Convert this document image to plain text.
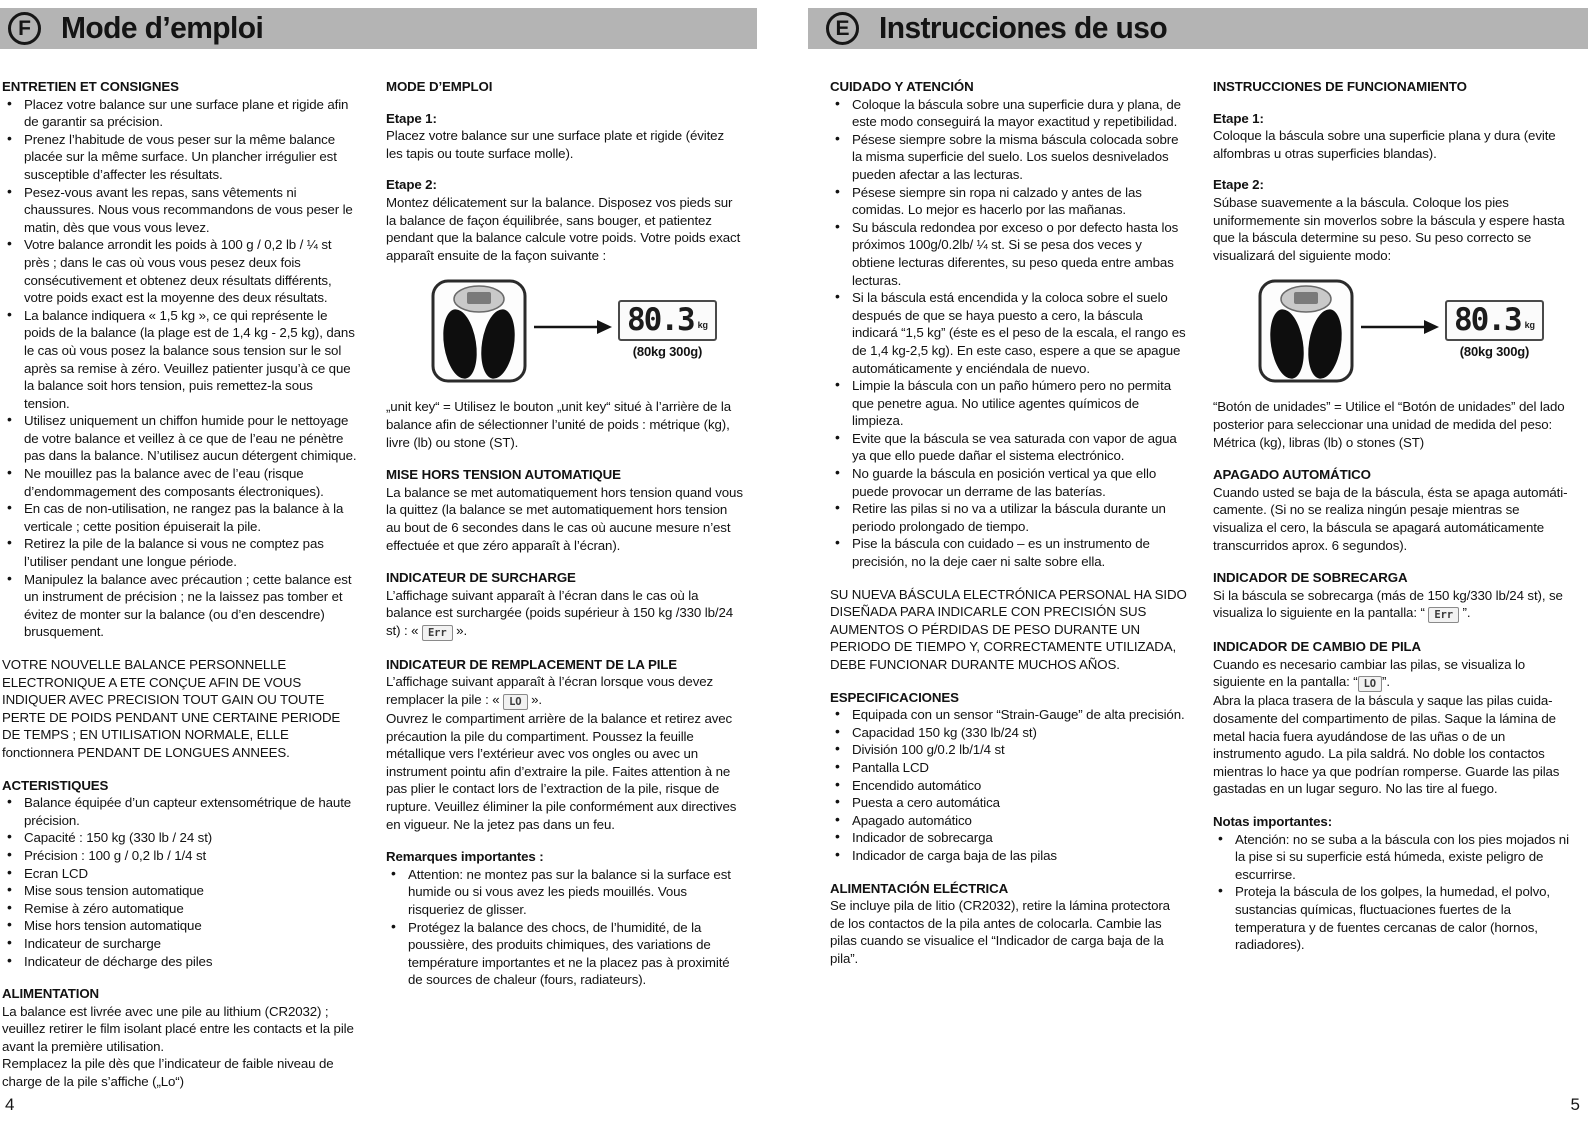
F	Mode d’emploi
ENTRETIEN ET CONSIGNES
• Placez votre balance sur une surface plane et rigide afin de garantir sa précision.
• Prenez l’habitude de vous peser sur la même balance placée sur la même surface. Un plancher irrégulier est susceptible d’affecter les résultats.
• Pesez-vous avant les repas, sans vêtements ni chaussures. Nous vous recommandons de vous peser le matin, dès que vous vous levez.
• Votre balance arrondit les poids à 100 g / 0,2 lb / ¼ st près ; dans le cas où vous vous pesez deux fois consécutivement et obtenez deux résultats différents, votre poids exact est la moyenne des deux résultats.
• La balance indiquera « 1,5 kg », ce qui représente le poids de la balance (la plage est de 1,4 kg - 2,5 kg), dans le cas où vous posez la balance sous tension sur le sol après sa remise à zéro. Veuillez patienter jusqu’à ce que la balance soit hors tension, puis remettez-la sous tension.
• Utilisez uniquement un chiffon humide pour le nettoyage de votre balance et veillez à ce que de l’eau ne pénètre pas dans la balance. N’utilisez aucun détergent chimique.
• Ne mouillez pas la balance avec de l’eau (risque d’endommagement des composants électroniques).
• En cas de non-utilisation, ne rangez pas la balance à la verticale ; cette position épuiserait la pile.
• Retirez la pile de la balance si vous ne comptez pas l’utiliser pendant une longue période.
• Manipulez la balance avec précaution ; cette balance est un instrument de précision ; ne la laissez pas tomber et évitez de monter sur la balance (ou d’en descendre) brusquement.

VOTRE NOUVELLE BALANCE PERSONNELLE ELECTRONIQUE A ETE CONÇUE AFIN DE VOUS INDIQUER AVEC PRECISION TOUT GAIN OU TOUTE PERTE DE POIDS PENDANT UNE CERTAINE PERIODE DE TEMPS ; EN UTILISATION NORMALE, ELLE fonctionnera PENDANT DE LONGUES ANNEES.

ACTERISTIQUES
• Balance équipée d’un capteur extensométrique de haute précision.
• Capacité : 150 kg (330 lb / 24 st)
• Précision : 100 g / 0,2 lb / 1/4 st
• Ecran LCD
• Mise sous tension automatique
• Remise à zéro automatique
• Mise hors tension automatique
• Indicateur de surcharge
• Indicateur de décharge des piles
ALIMENTATION

La balance est livrée avec une pile au lithium (CR2032) ; veuillez retirer le film isolant placé entre les contacts et la pile avant la première utilisation.

Remplacez la pile dès que l’indicateur de faible niveau de charge de la pile s’affiche („Lo“)

MODE D’EMPLOI
Etape 1:

Placez votre balance sur une surface plate et rigide (évitez les tapis ou toute surface molle).

Etape 2:

Montez délicatement sur la balance. Disposez vos pieds sur la balance de façon équilibrée, sans bouger, et patientez pendant que la balance calcule votre poids. Votre poids exact apparaît ensuite de la façon suivante :

80.3 kg
(80kg 300g)

„unit key“ = Utilisez le bouton „unit key“ situé à l’arrière de la balance afin de sélectionner l’unité de poids : métrique (kg), livre (lb) ou stone (ST).

MISE HORS TENSION AUTOMATIQUE

La balance se met automatiquement hors tension quand vous la quittez (la balance se met automatiquement hors tension au bout de 6 secondes dans le cas où aucune mesure n’est effectuée et que zéro apparaît à l’écran).

INDICATEUR DE SURCHARGE

L’affichage suivant apparaît à l’écran dans le cas où la balance est surchargée (poids supérieur à 150 kg /330 lb/24 st) : « Err ».

INDICATEUR DE REMPLACEMENT DE LA PILE

L’affichage suivant apparaît à l’écran lorsque vous devez remplacer la pile : « LO ».

Ouvrez le compartiment arrière de la balance et retirez avec précaution la pile du compartiment. Poussez la feuille métallique vers l’extérieur avec vos ongles ou avec un instrument pointu afin d’extraire la pile. Faites attention à ne pas plier le contact lors de l’extraction de la pile, risque de rupture. Veuillez éliminer la pile conformément aux directives en vigueur. Ne la jetez pas dans un feu.

Remarques importantes :
• Attention: ne montez pas sur la balance si la surface est humide ou si vous avez les pieds mouillés. Vous risqueriez de glisser.
• Protégez la balance des chocs, de l’humidité, de la poussière, des produits chimiques, des variations de température importantes et ne la placez pas à proximité de sources de chaleur (fours, radiateurs).
4
E Instrucciones de uso
CUIDADO Y ATENCIÓN
• Coloque la báscula sobre una superficie dura y plana, de este modo conseguirá la mayor exactitud y repetibilidad.
• Pésese siempre sobre la misma báscula colocada sobre la misma superficie del suelo. Los suelos desnivelados pueden afectar a las lecturas.
• Pésese siempre sin ropa ni calzado y antes de las comidas. Lo mejor es hacerlo por las mañanas.
• Su báscula redondea por exceso o por defecto hasta los próximos 100g/0.2lb/ ¼ st. Si se pesa dos veces y obtiene lecturas diferentes, su peso queda entre ambas lecturas.
• Si la báscula está encendida y la coloca sobre el suelo después de que se haya puesto a cero, la báscula indicará “1,5 kg” (éste es el peso de la escala, el rango es de 1,4 kg-2,5 kg). En este caso, espere a que se apague automáticamente y enciéndala de nuevo.
• Limpie la báscula con un paño húmero pero no permita que penetre agua. No utilice agentes químicos de limpieza.
• Evite que la báscula se vea saturada con vapor de agua ya que ello puede dañar el sistema electrónico.
• No guarde la báscula en posición vertical ya que ello puede provocar un derrame de las baterías.
• Retire las pilas si no va a utilizar la báscula durante un periodo prolongado de tiempo.
• Pise la báscula con cuidado – es un instrumento de precisión, no la deje caer ni salte sobre ella.

SU NUEVA BÁSCULA ELECTRÓNICA PERSONAL HA SIDO DISEÑADA PARA INDICARLE CON PRECISIÓN SUS AUMENTOS O PÉRDIDAS DE PESO DURANTE UN PERIODO DE TIEMPO Y, CORRECTAMENTE UTILIZADA, DEBE FUNCIONAR DURANTE MUCHOS AÑOS.

ESPECIFICACIONES
• Equipada con un sensor “Strain-Gauge” de alta precisión.
• Capacidad 150 kg (330 lb/24 st)
• División 100 g/0.2 lb/1/4 st
• Pantalla LCD
• Encendido automático
• Puesta a cero automática
• Apagado automático
• Indicador de sobrecarga
• Indicador de carga baja de las pilas
ALIMENTACIÓN ELÉCTRICA

Se incluye pila de litio (CR2032), retire la lámina protectora de los contactos de la pila antes de colocarla. Cambie las pilas cuando se visualice el “Indicador de carga baja de la pila”.

INSTRUCCIONES DE FUNCIONAMIENTO
Etape 1:

Coloque la báscula sobre una superficie plana y dura (evite alfombras u otras superficies blandas).

Etape 2:

Súbase suavemente a la báscula. Coloque los pies uniformemente sin moverlos sobre la báscula y espere hasta que la báscula determine su peso. Su peso correcto se visualizará del siguiente modo:

80.3 kg
(80kg 300g)

“Botón de unidades” = Utilice el “Botón de unidades” del lado posterior para seleccionar una unidad de medida del peso: Métrica (kg), libras (lb) o stones (ST)

APAGADO AUTOMÁTICO

Cuando usted se baja de la báscula, ésta se apaga automáti-camente. (Si no se realiza ningún pesaje mientras se visualiza el cero, la báscula se apagará automáticamente transcurridos aprox. 6 segundos).

INDICADOR DE SOBRECARGA

Si la báscula se sobrecarga (más de 150 kg/330 lb/24 st), se visualiza lo siguiente en la pantalla: “ Err ”.

INDICADOR DE CAMBIO DE PILA

Cuando es necesario cambiar las pilas, se visualiza lo siguiente en la pantalla: “ LO ”.

Abra la placa trasera de la báscula y saque las pilas cuida-dosamente del compartimento de pilas. Saque la lámina de metal hacia fuera ayudándose de las uñas o de un instrumento agudo. La pila saldrá. No doble los contactos mientras lo hace ya que podrían romperse. Guarde las pilas gastadas en un lugar seguro. No las tire al fuego.

Notas importantes:
• Atención: no se suba a la báscula con los pies mojados ni la pise si su superficie está húmeda, existe peligro de escurrirse.
• Proteja la báscula de los golpes, la humedad, el polvo, sustancias químicas, fluctuaciones fuertes de la temperatura y de fuentes cercanas de calor (hornos, radiadores).
5
